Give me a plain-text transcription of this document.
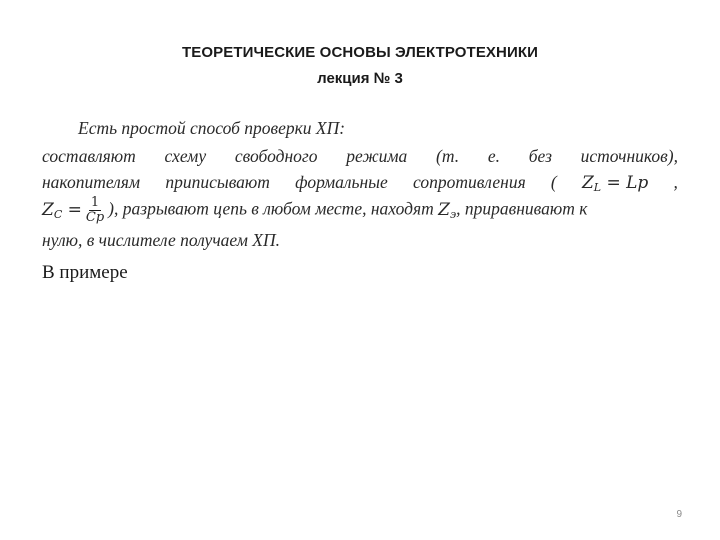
ТЕОРЕТИЧЕСКИЕ ОСНОВЫ ЭЛЕКТРОТЕХНИКИ
лекция № 3
Есть простой способ проверки ХП:
составляют схему свободного режима (т. е. без источников),
накопителям приписывают формальные сопротивления ( $Z_L = Lp$ ,
$Z_C = \frac{1}{Cp}$ ), разрывают цепь в любом месте, находят $Z_э$, приравнивают к
нулю, в числителе получаем ХП.
В примере
9
